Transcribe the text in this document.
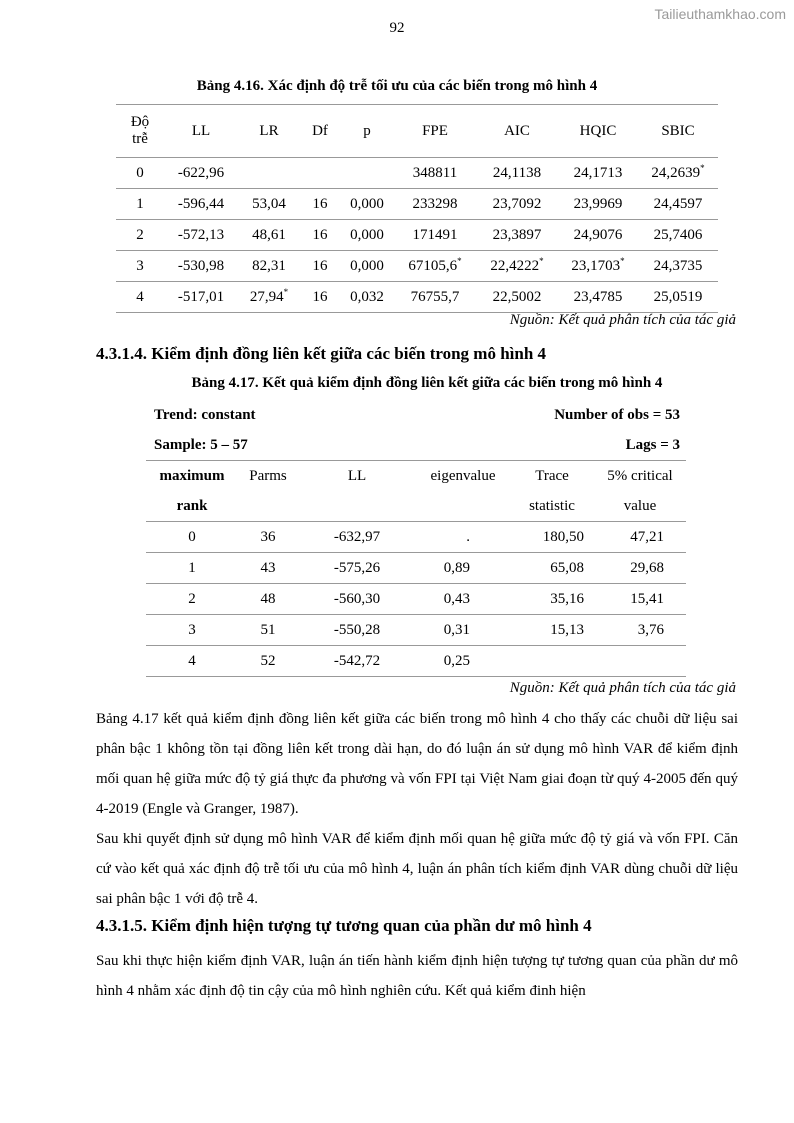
Tailieuthamkhao.com
92
Bảng 4.16. Xác định độ trễ tối ưu của các biến trong mô hình 4
Độ
trễ	LL	LR	Df	p	FPE	AIC	HQIC	SBIC
0	-622,96				348811	24,1138	24,1713	24,2639*
1	-596,44	53,04	16	0,000	233298	23,7092	23,9969	24,4597
2	-572,13	48,61	16	0,000	171491	23,3897	24,9076	25,7406
3	-530,98	82,31	16	0,000	67105,6*	22,4222*	23,1703*	24,3735
4	-517,01	27,94*	16	0,032	76755,7	22,5002	23,4785	25,0519
Nguồn: Kết quả phân tích của tác giả
4.3.1.4. Kiểm định đồng liên kết giữa các biến trong mô hình 4
Bảng 4.17. Kết quả kiểm định đồng liên kết giữa các biến trong mô hình 4
Trend: constant			Number of obs = 53		
Sample: 5 – 57			Lags = 3		
maximum	Parms	LL	eigenvalue	Trace	5% critical
rank				statistic	value
0	36	-632,97	.	180,50	47,21
1	43	-575,26	0,89	65,08	29,68
2	48	-560,30	0,43	35,16	15,41
3	51	-550,28	0,31	15,13	3,76
4	52	-542,72	0,25		
Nguồn: Kết quả phân tích của tác giả
Bảng 4.17 kết quả kiểm định đồng liên kết giữa các biến trong mô hình 4 cho thấy các chuỗi dữ liệu sai phân bậc 1 không tồn tại đồng liên kết trong dài hạn, do đó luận án sử dụng mô hình VAR để kiểm định mối quan hệ giữa mức độ tỷ giá thực đa phương và vốn FPI tại Việt Nam giai đoạn từ quý 4-2005 đến quý 4-2019 (Engle và Granger, 1987).
Sau khi quyết định sử dụng mô hình VAR để kiểm định mối quan hệ giữa mức độ tỷ giá và vốn FPI. Căn cứ vào kết quả xác định độ trễ tối ưu của mô hình 4, luận án phân tích kiểm định VAR dùng chuỗi dữ liệu sai phân bậc 1 với độ trễ 4.
4.3.1.5. Kiểm định hiện tượng tự tương quan của phần dư mô hình 4
Sau khi thực hiện kiểm định VAR, luận án tiến hành kiểm định hiện tượng tự tương quan của phần dư mô hình 4 nhằm xác định độ tin cậy của mô hình nghiên cứu. Kết quả kiểm đinh hiện
